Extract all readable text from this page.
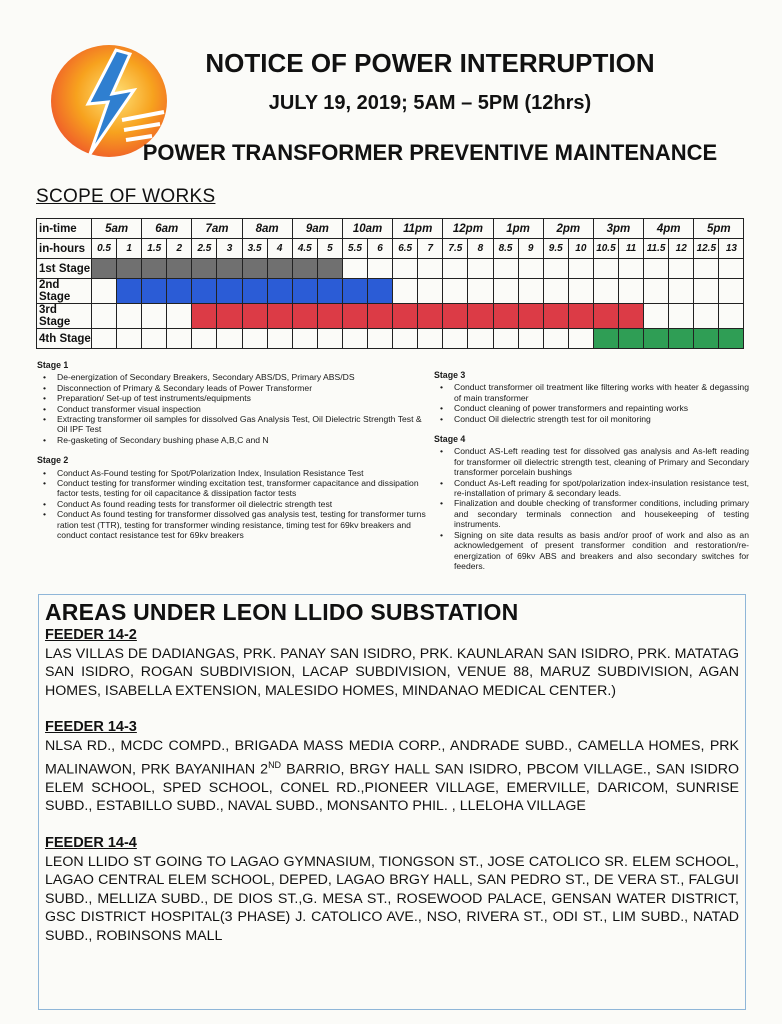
NOTICE OF POWER INTERRUPTION
JULY 19, 2019; 5AM – 5PM (12hrs)
POWER TRANSFORMER PREVENTIVE MAINTENANCE
SCOPE OF WORKS
in-time	5am		6am		7am		8am		9am		10am		11pm		12pm		1pm		2pm		3pm		4pm		5pm	
in-hours	0.5	1	1.5	2	2.5	3	3.5	4	4.5	5	5.5	6	6.5	7	7.5	8	8.5	9	9.5	10	10.5	11	11.5	12	12.5	13
1st Stage																										
2nd Stage																										
3rd Stage																										
4th Stage																										
Stage 1
• De-energization of Secondary Breakers, Secondary ABS/DS, Primary ABS/DS
• Disconnection of Primary & Secondary leads of Power Transformer
• Preparation/ Set-up of test instruments/equipments
• Conduct transformer visual inspection
• Extracting transformer oil samples for dissolved Gas Analysis Test, Oil Dielectric Strength Test & Oil IPF Test
• Re-gasketing of Secondary bushing phase A,B,C and N
Stage 2
• Conduct As-Found testing for Spot/Polarization Index, Insulation Resistance Test
• Conduct testing for transformer winding excitation test, transformer capacitance and dissipation factor tests, testing for oil capacitance & dissipation factor tests
• Conduct As found reading tests for transformer oil dielectric strength test
• Conduct As found testing for transformer dissolved gas analysis test, testing for transformer turns ration test (TTR), testing for transformer winding resistance, timing test for 69kv breakers and conduct contact resistance test for 69kv breakers
Stage 3
• Conduct transformer oil treatment like filtering works with heater & degassing of main transformer
• Conduct cleaning of power transformers and repainting works
• Conduct Oil dielectric strength test for oil monitoring
Stage 4
• Conduct AS-Left reading test for dissolved gas analysis and As-left reading for transformer oil dielectric strength test, cleaning of Primary and Secondary transformer porcelain bushings
• Conduct As-Left reading for spot/polarization index-insulation resistance test, re-installation of primary & secondary leads.
• Finalization and double checking of transformer conditions, including primary and secondary terminals connection and housekeeping of testing instruments.
• Signing on site data results as basis and/or proof of work and also as an acknowledgement of present transformer condition and restoration/re-energization of 69kv ABS and breakers and also secondary switches for feeders.
AREAS UNDER LEON LLIDO SUBSTATION
FEEDER 14-2

LAS VILLAS DE DADIANGAS, PRK. PANAY SAN ISIDRO, PRK. KAUNLARAN SAN ISIDRO, PRK. MATATAG SAN ISIDRO, ROGAN SUBDIVISION, LACAP SUBDIVISION, VENUE 88, MARUZ SUBDIVISION, AGAN HOMES, ISABELLA EXTENSION, MALESIDO HOMES, MINDANAO MEDICAL CENTER.)

FEEDER 14-3

NLSA RD., MCDC COMPD., BRIGADA MASS MEDIA CORP., ANDRADE SUBD., CAMELLA HOMES, PRK MALINAWON, PRK BAYANIHAN 2ND BARRIO, BRGY HALL SAN ISIDRO, PBCOM VILLAGE., SAN ISIDRO ELEM SCHOOL, SPED SCHOOL, CONEL RD.,PIONEER VILLAGE, EMERVILLE, DARICOM, SUNRISE SUBD., ESTABILLO SUBD., NAVAL SUBD., MONSANTO PHIL. , LLELOHA VILLAGE

FEEDER 14-4

LEON LLIDO ST GOING TO LAGAO GYMNASIUM, TIONGSON ST., JOSE CATOLICO SR. ELEM SCHOOL, LAGAO CENTRAL ELEM SCHOOL, DEPED, LAGAO BRGY HALL, SAN PEDRO ST., DE VERA ST., FALGUI SUBD., MELLIZA SUBD., DE DIOS ST.,G. MESA ST., ROSEWOOD PALACE, GENSAN WATER DISTRICT, GSC DISTRICT HOSPITAL(3 PHASE) J. CATOLICO AVE., NSO, RIVERA ST., ODI ST., LIM SUBD., NATAD SUBD., ROBINSONS MALL
